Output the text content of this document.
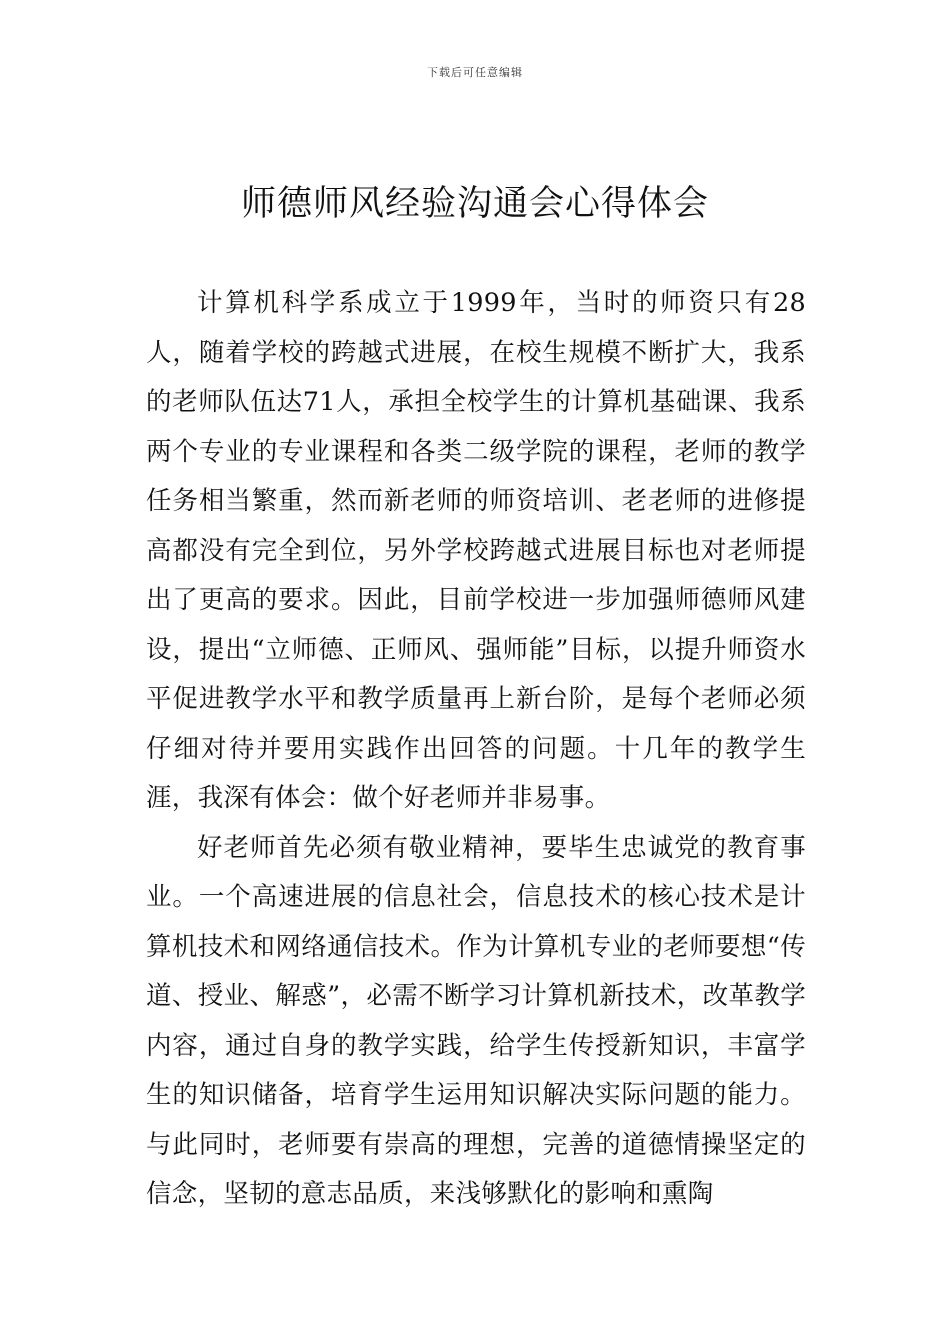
下载后可任意编辑
师德师风经验沟通会心得体会

计算机科学系成立于1999年，当时的师资只有28人，随着学校的跨越式进展，在校生规模不断扩大，我系的老师队伍达71人，承担全校学生的计算机基础课、我系两个专业的专业课程和各类二级学院的课程，老师的教学任务相当繁重，然而新老师的师资培训、老老师的进修提高都没有完全到位，另外学校跨越式进展目标也对老师提出了更高的要求。因此，目前学校进一步加强师德师风建设，提出“立师德、正师风、强师能”目标，以提升师资水平促进教学水平和教学质量再上新台阶，是每个老师必须仔细对待并要用实践作出回答的问题。十几年的教学生涯，我深有体会：做个好老师并非易事。

好老师首先必须有敬业精神，要毕生忠诚党的教育事业。一个高速进展的信息社会，信息技术的核心技术是计算机技术和网络通信技术。作为计算机专业的老师要想“传道、授业、解惑”，必需不断学习计算机新技术，改革教学内容，通过自身的教学实践，给学生传授新知识，丰富学生的知识储备，培育学生运用知识解决实际问题的能力。与此同时，老师要有崇高的理想，完善的道德情操坚定的信念，坚韧的意志品质，来浅够默化的影响和熏陶
